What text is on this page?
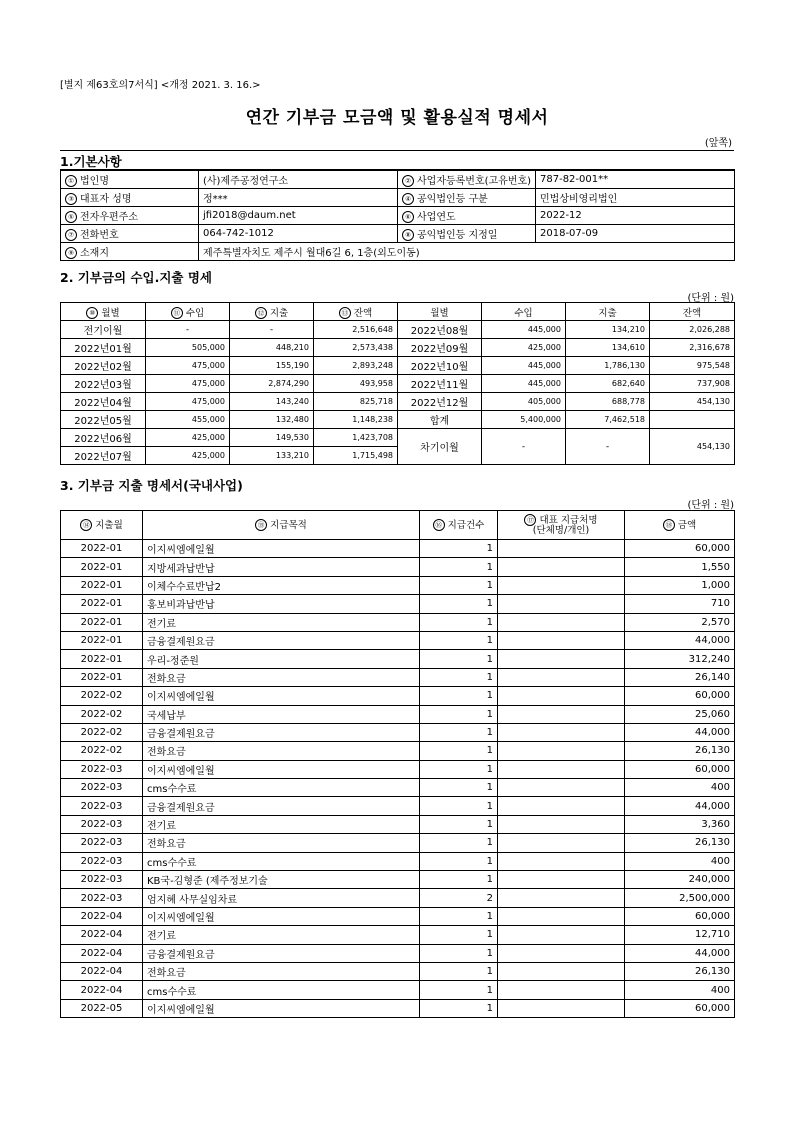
[별지 제63호의7서식] <개정 2021. 3. 16.>
연간 기부금 모금액 및 활용실적 명세서
(앞쪽)
1.기본사항
① 법인명	(사)제주공정연구소	② 사업자등록번호(고유번호)	787-82-001**
③ 대표자 성명	정***	④ 공익법인등 구분	민법상비영리법인
⑤ 전자우편주소	jfi2018@daum.net	⑥ 사업연도	2022-12
⑦ 전화번호	064-742-1012	⑧ 공익법인등 지정일	2018-07-09
⑨ 소재지	제주특별자치도 제주시 월대6길 6, 1층(외도이동)		
2. 기부금의 수입.지출 명세
(단위 : 원)
⑩ 월별	⑪ 수입	⑫ 지출	⑬ 잔액	월별	수입	지출	잔액
전기이월	-	-	2,516,648	2022년08월	445,000	134,210	2,026,288
2022년01월	505,000	448,210	2,573,438	2022년09월	425,000	134,610	2,316,678
2022년02월	475,000	155,190	2,893,248	2022년10월	445,000	1,786,130	975,548
2022년03월	475,000	2,874,290	493,958	2022년11월	445,000	682,640	737,908
2022년04월	475,000	143,240	825,718	2022년12월	405,000	688,778	454,130
2022년05월	455,000	132,480	1,148,238	합계	5,400,000	7,462,518	
2022년06월	425,000	149,530	1,423,708	차기이월	-	-	454,130
2022년07월	425,000	133,210	1,715,498				
3. 기부금 지출 명세서(국내사업)
(단위 : 원)
⑭ 지출월	⑮ 지급목적	⑯ 지급건수	⑰ 대표 지급처명
(단체명/개인)	⑱ 금액
2022-01	이지씨엠에일월	1		60,000
2022-01	지방세과납반납	1		1,550
2022-01	이체수수료반납2	1		1,000
2022-01	홍보비과납반납	1		710
2022-01	전기료	1		2,570
2022-01	금융결제원요금	1		44,000
2022-01	우리-정준원	1		312,240
2022-01	전화요금	1		26,140
2022-02	이지씨엠에일월	1		60,000
2022-02	국세납부	1		25,060
2022-02	금융결제원요금	1		44,000
2022-02	전화요금	1		26,130
2022-03	이지씨엠에일월	1		60,000
2022-03	cms수수료	1		400
2022-03	금융결제원요금	1		44,000
2022-03	전기료	1		3,360
2022-03	전화요금	1		26,130
2022-03	cms수수료	1		400
2022-03	KB국-김형준 (제주정보기술	1		240,000
2022-03	엄지혜 사무실임차료	2		2,500,000
2022-04	이지씨엠에일월	1		60,000
2022-04	전기료	1		12,710
2022-04	금융결제원요금	1		44,000
2022-04	전화요금	1		26,130
2022-04	cms수수료	1		400
2022-05	이지씨엠에일월	1		60,000
